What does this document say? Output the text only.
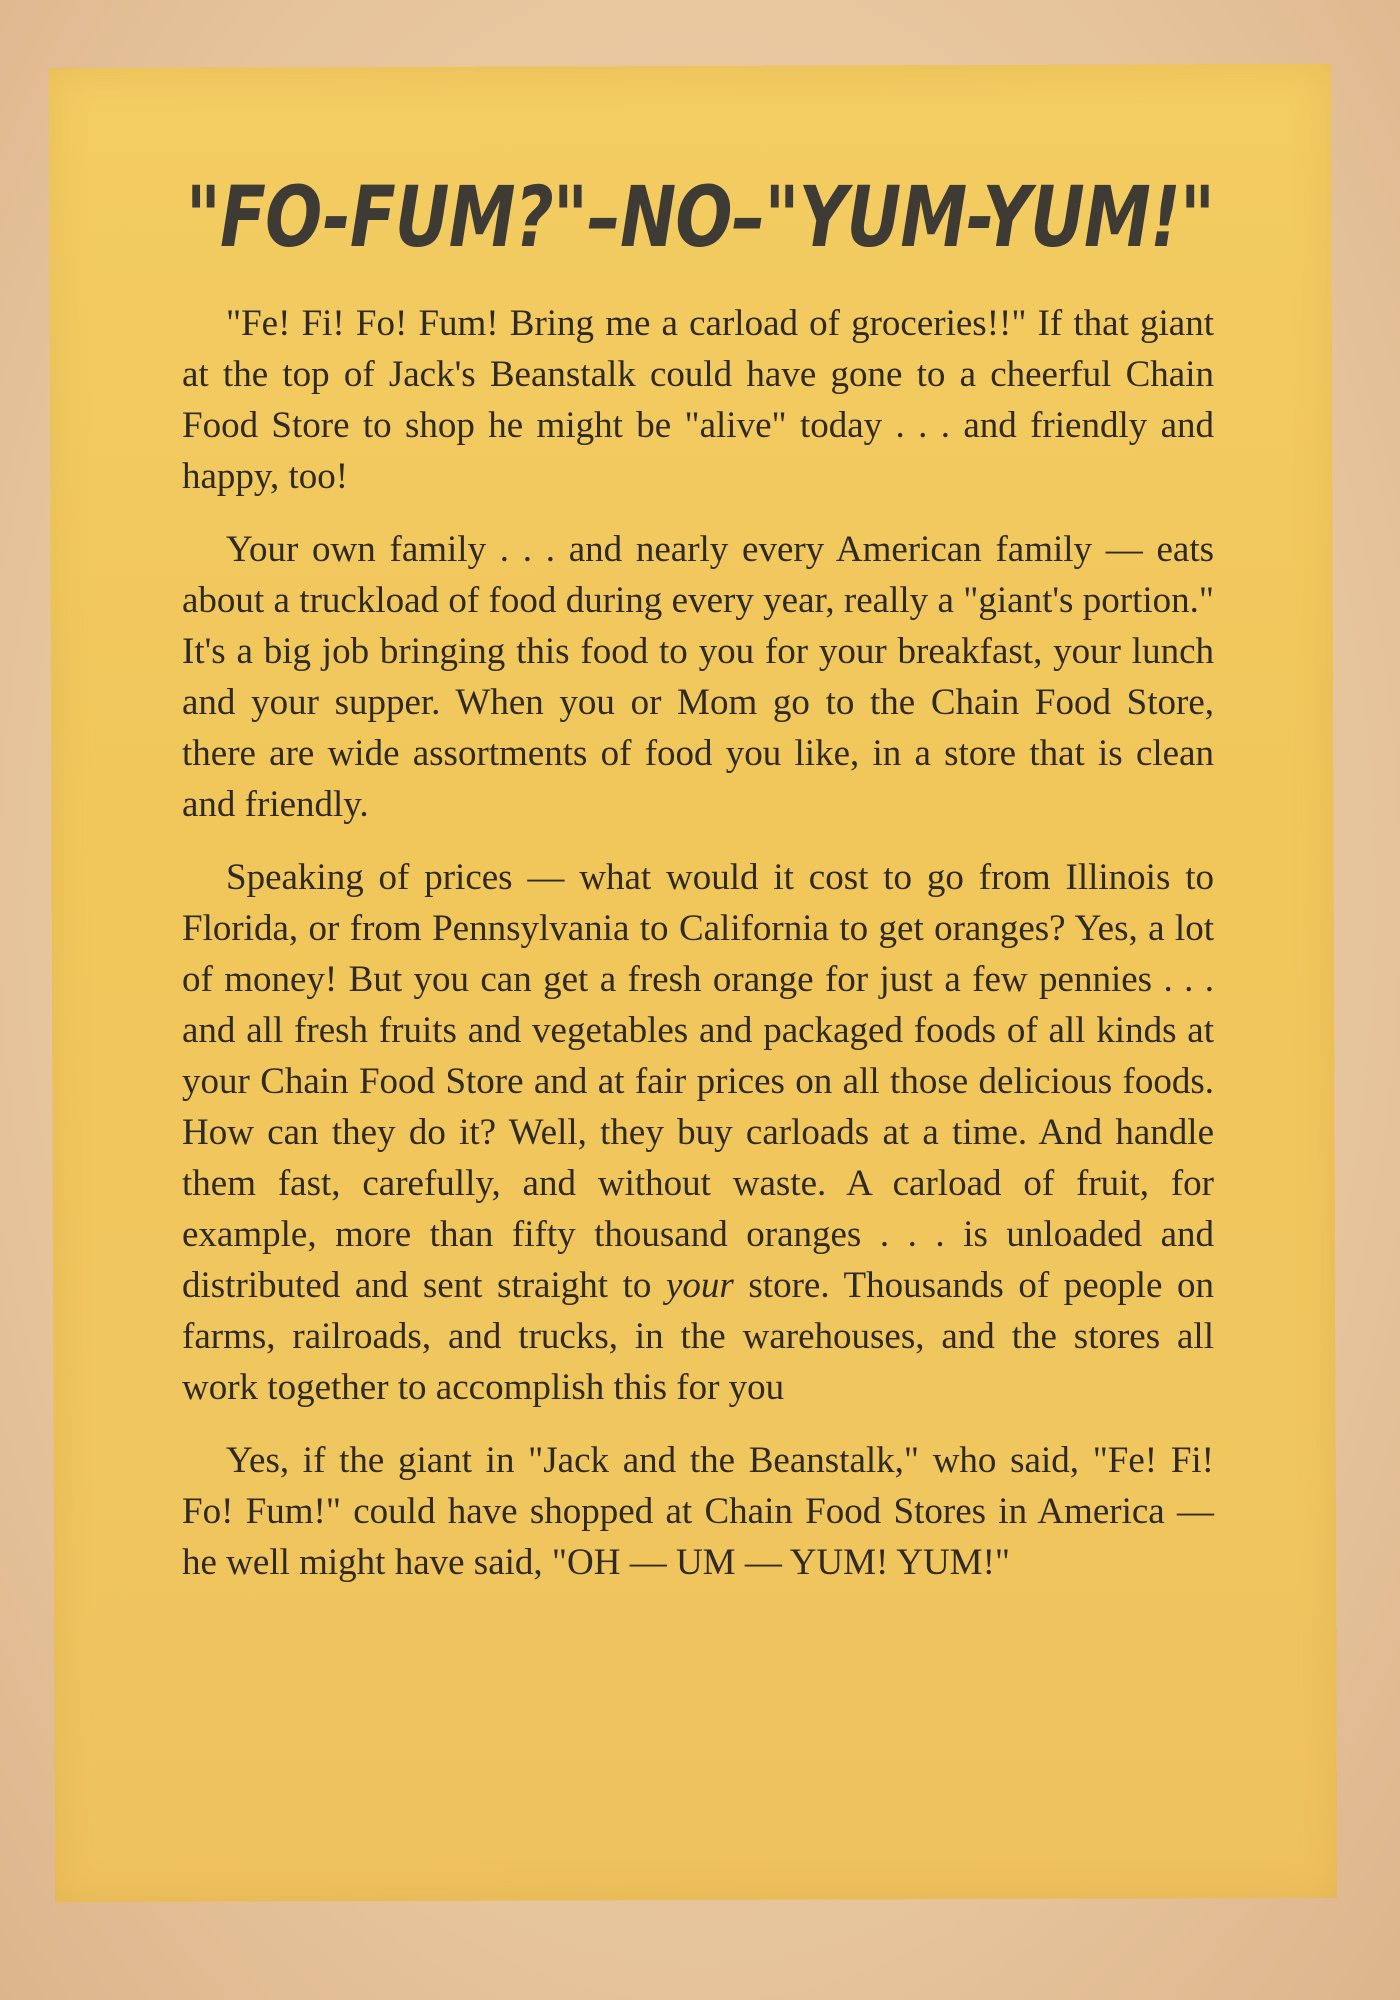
"FO-FUM?"–NO–"YUM-YUM!"

"Fe! Fi! Fo! Fum! Bring me a carload of groceries!!" If that giant at the top of Jack's Beanstalk could have gone to a cheerful Chain Food Store to shop he might be "alive" today . . . and friendly and happy, too!

Your own family . . . and nearly every American family — eats about a truckload of food during every year, really a "giant's portion." It's a big job bringing this food to you for your breakfast, your lunch and your supper. When you or Mom go to the Chain Food Store, there are wide assortments of food you like, in a store that is clean and friendly.

Speaking of prices — what would it cost to go from Illinois to Florida, or from Pennsylvania to California to get oranges? Yes, a lot of money! But you can get a fresh orange for just a few pennies . . . and all fresh fruits and vegetables and packaged foods of all kinds at your Chain Food Store and at fair prices on all those delicious foods. How can they do it? Well, they buy carloads at a time. And handle them fast, carefully, and without waste. A carload of fruit, for example, more than fifty thousand oranges . . . is unloaded and distributed and sent straight to your store. Thousands of people on farms, railroads, and trucks, in the warehouses, and the stores all work together to accomplish this for you

Yes, if the giant in "Jack and the Beanstalk," who said, "Fe! Fi! Fo! Fum!" could have shopped at Chain Food Stores in America — he well might have said, "OH — UM — YUM! YUM!"
